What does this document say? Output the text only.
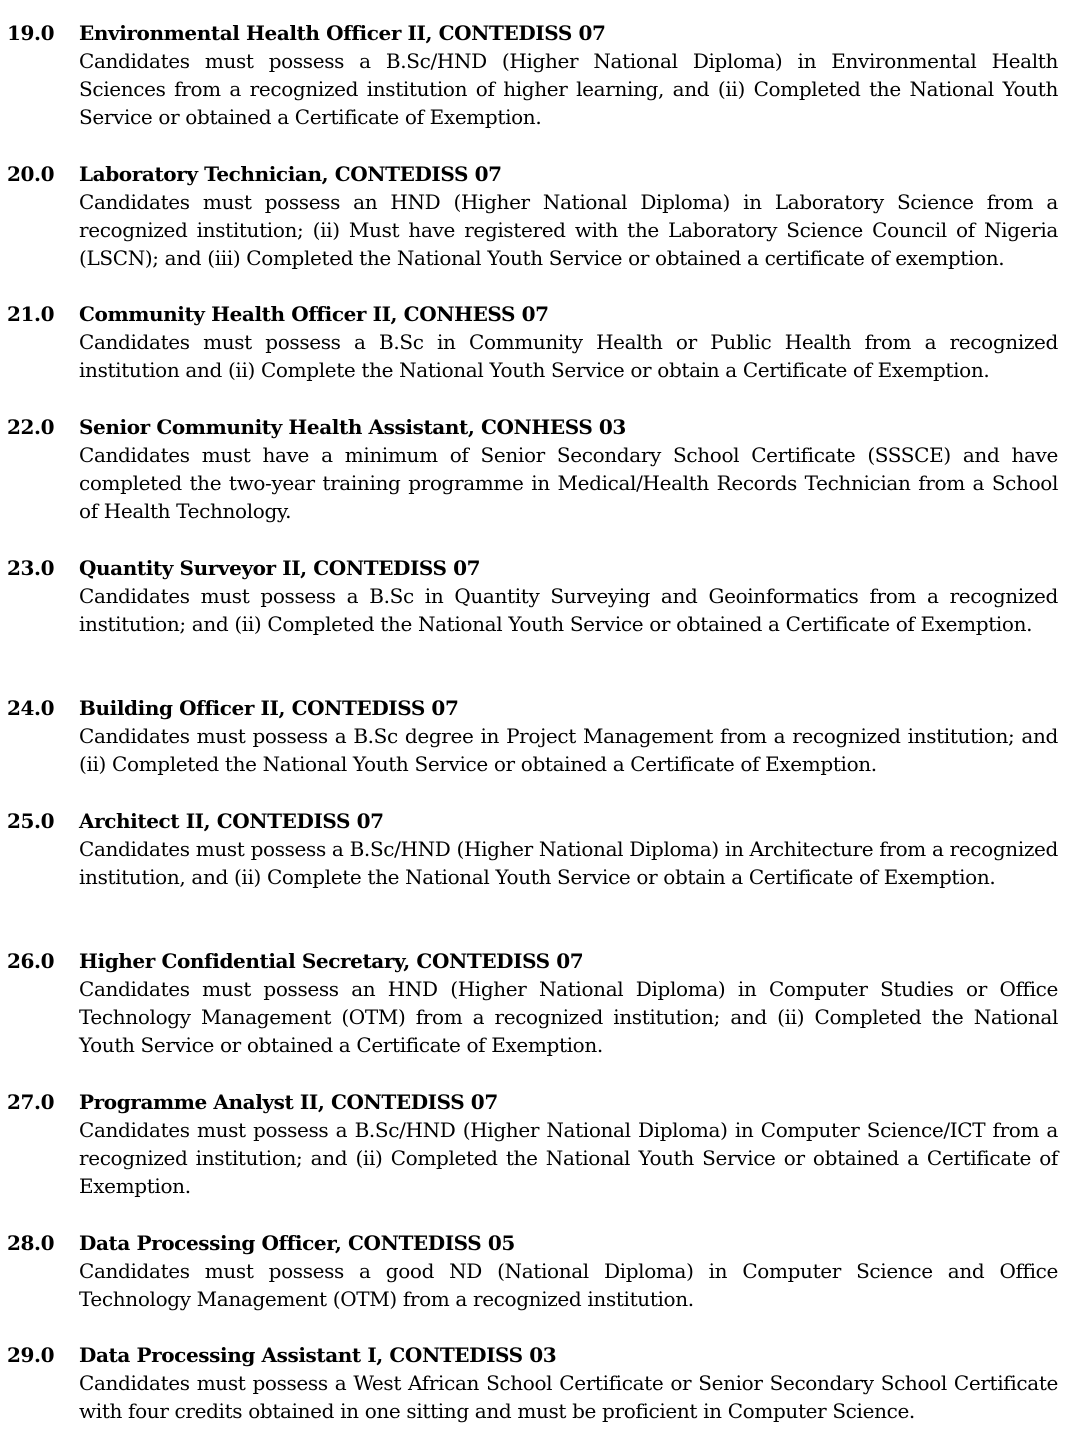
19.0 Environmental Health Officer II, CONTEDISS 07
Candidates must possess a B.Sc/HND (Higher National Diploma) in Environmental Health Sciences from a recognized institution of higher learning, and (ii) Completed the National Youth Service or obtained a Certificate of Exemption.
20.0 Laboratory Technician, CONTEDISS 07
Candidates must possess an HND (Higher National Diploma) in Laboratory Science from a recognized institution; (ii) Must have registered with the Laboratory Science Council of Nigeria (LSCN); and (iii) Completed the National Youth Service or obtained a certificate of exemption.
21.0 Community Health Officer II, CONHESS 07
Candidates must possess a B.Sc in Community Health or Public Health from a recognized institution and (ii) Complete the National Youth Service or obtain a Certificate of Exemption.
22.0 Senior Community Health Assistant, CONHESS 03
Candidates must have a minimum of Senior Secondary School Certificate (SSSCE) and have completed the two-year training programme in Medical/Health Records Technician from a School of Health Technology.
23.0 Quantity Surveyor II, CONTEDISS 07
Candidates must possess a B.Sc in Quantity Surveying and Geoinformatics from a recognized institution; and (ii) Completed the National Youth Service or obtained a Certificate of Exemption.
24.0 Building Officer II, CONTEDISS 07
Candidates must possess a B.Sc degree in Project Management from a recognized institution; and (ii) Completed the National Youth Service or obtained a Certificate of Exemption.
25.0 Architect II, CONTEDISS 07
Candidates must possess a B.Sc/HND (Higher National Diploma) in Architecture from a recognized institution, and (ii) Complete the National Youth Service or obtain a Certificate of Exemption.
26.0 Higher Confidential Secretary, CONTEDISS 07
Candidates must possess an HND (Higher National Diploma) in Computer Studies or Office Technology Management (OTM) from a recognized institution; and (ii) Completed the National Youth Service or obtained a Certificate of Exemption.
27.0 Programme Analyst II, CONTEDISS 07
Candidates must possess a B.Sc/HND (Higher National Diploma) in Computer Science/ICT from a recognized institution; and (ii) Completed the National Youth Service or obtained a Certificate of Exemption.
28.0 Data Processing Officer, CONTEDISS 05
Candidates must possess a good ND (National Diploma) in Computer Science and Office Technology Management (OTM) from a recognized institution.
29.0 Data Processing Assistant I, CONTEDISS 03
Candidates must possess a West African School Certificate or Senior Secondary School Certificate with four credits obtained in one sitting and must be proficient in Computer Science.
